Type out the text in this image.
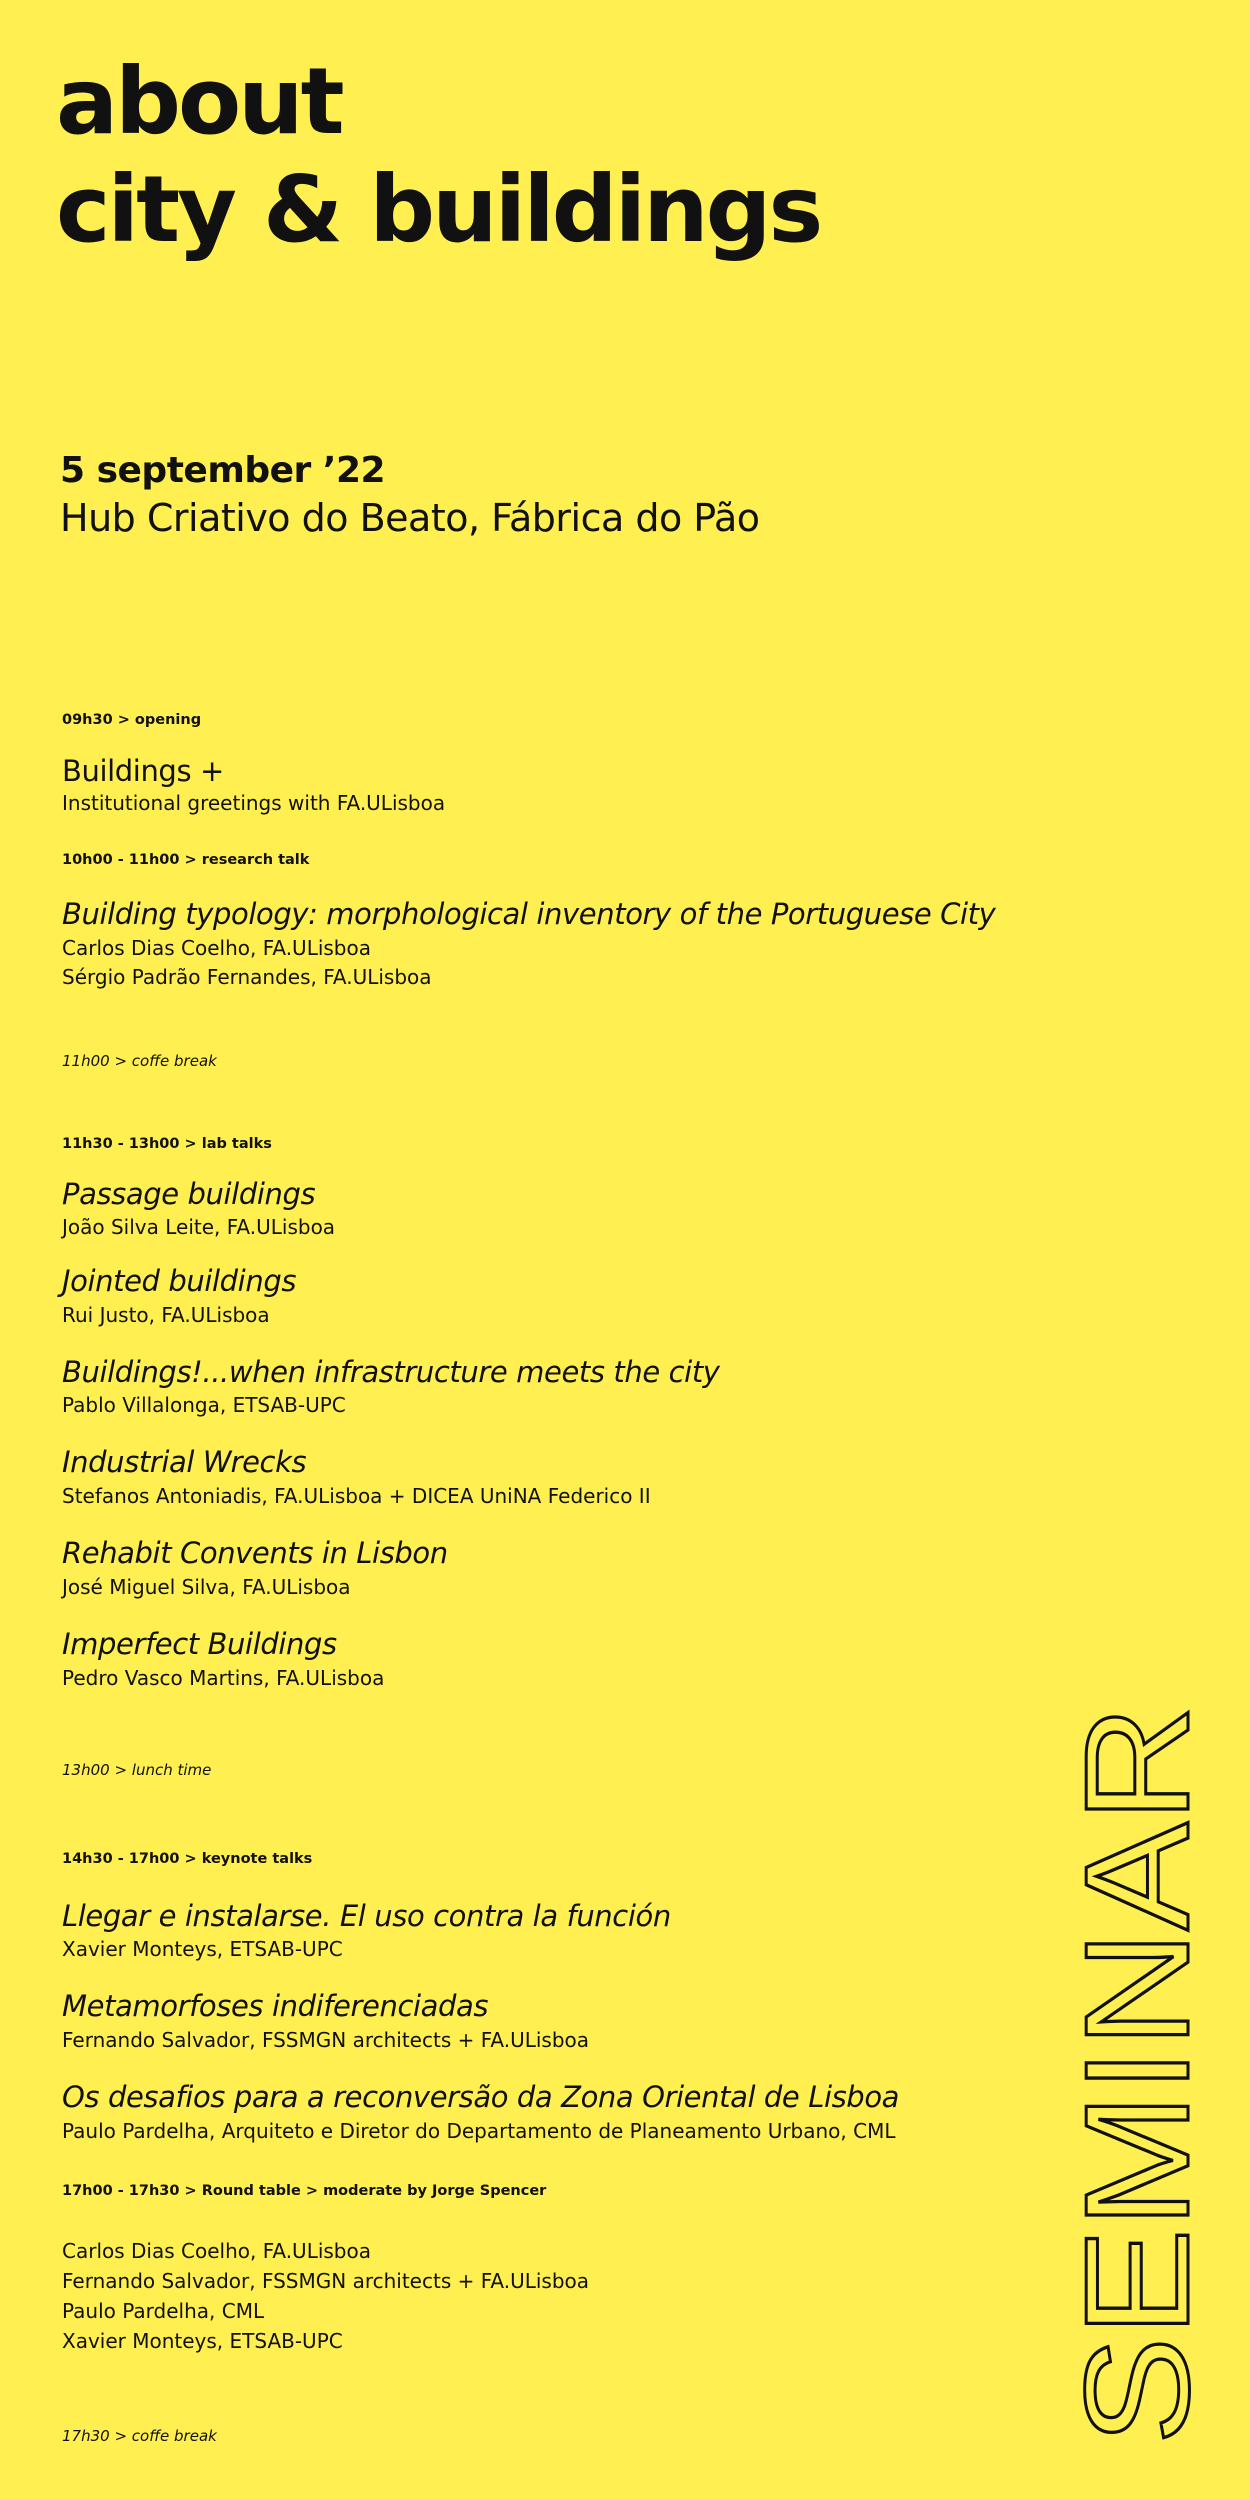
about
city & buildings
5 september ’22
Hub Criativo do Beato, Fábrica do Pão
09h30 > opening
Buildings +
Institutional greetings with FA.ULisboa
10h00 - 11h00 > research talk
Building typology: morphological inventory of the Portuguese City
Carlos Dias Coelho, FA.ULisboa
Sérgio Padrão Fernandes, FA.ULisboa
11h00 > coffe break
11h30 - 13h00 > lab talks
Passage buildings
João Silva Leite, FA.ULisboa
Jointed buildings
Rui Justo, FA.ULisboa
Buildings!...when infrastructure meets the city
Pablo Villalonga, ETSAB-UPC
Industrial Wrecks
Stefanos Antoniadis, FA.ULisboa + DICEA UniNA Federico II
Rehabit Convents in Lisbon
José Miguel Silva, FA.ULisboa
Imperfect Buildings
Pedro Vasco Martins, FA.ULisboa
13h00 > lunch time
14h30 - 17h00 > keynote talks
Llegar e instalarse. El uso contra la función
Xavier Monteys, ETSAB-UPC
Metamorfoses indiferenciadas
Fernando Salvador, FSSMGN architects + FA.ULisboa
Os desafios para a reconversão da Zona Oriental de Lisboa
Paulo Pardelha, Arquiteto e Diretor do Departamento de Planeamento Urbano, CML
17h00 - 17h30 > Round table > moderate by Jorge Spencer
Carlos Dias Coelho, FA.ULisboa
Fernando Salvador, FSSMGN architects + FA.ULisboa
Paulo Pardelha, CML
Xavier Monteys, ETSAB-UPC
17h30 > coffe break	SEMINAR
